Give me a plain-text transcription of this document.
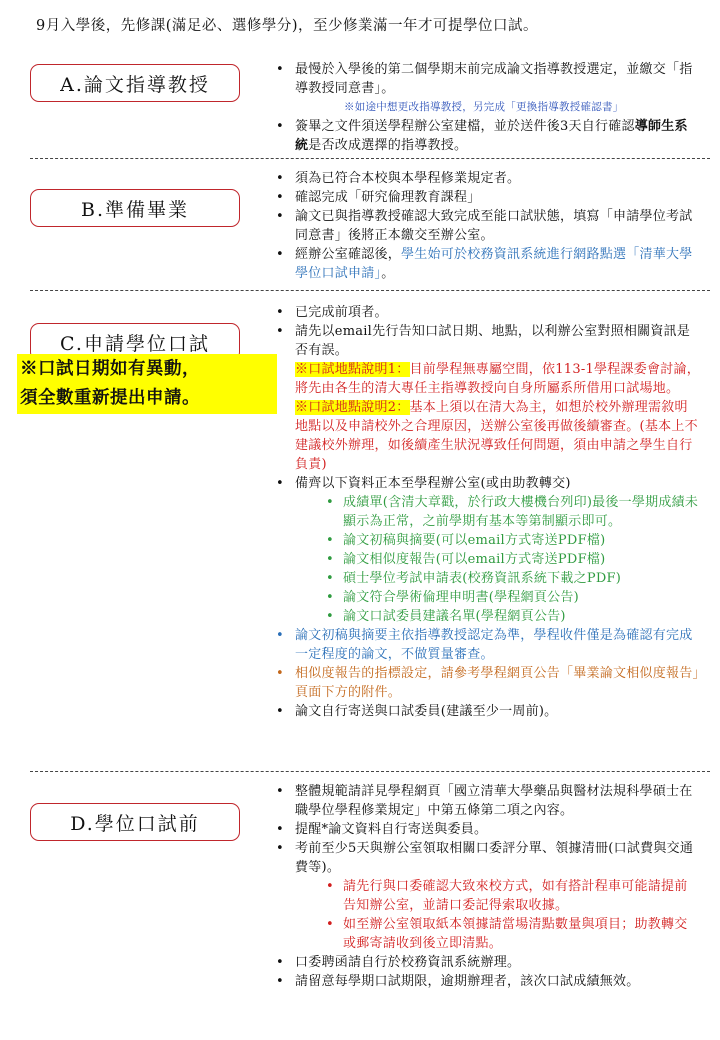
9月入學後，先修課(滿足必、選修學分)，至少修業滿一年才可提學位口試。
A.論文指導教授
• 最慢於入學後的第二個學期末前完成論文指導教授選定，並繳交「指導教授同意書」。
※如途中想更改指導教授，另完成「更換指導教授確認書」
• 簽畢之文件須送學程辦公室建檔，並於送件後3天自行確認導師生系統是否改成選擇的指導教授。
B.準備畢業
• 須為已符合本校與本學程修業規定者。
• 確認完成「研究倫理教育課程」
• 論文已與指導教授確認大致完成至能口試狀態，填寫「申請學位考試同意書」後將正本繳交至辦公室。
• 經辦公室確認後，學生始可於校務資訊系統進行網路點選「清華大學學位口試申請」。
C.申請學位口試
※口試日期如有異動，
須全數重新提出申請。
• 已完成前項者。
• 請先以email先行告知口試日期、地點，以利辦公室對照相關資訊是否有誤。
※口試地點說明1：目前學程無專屬空間，依113-1學程課委會討論，將先由各生的清大專任主指導教授向自身所屬系所借用口試場地。
※口試地點說明2：基本上須以在清大為主，如想於校外辦理需敘明地點以及申請校外之合理原因，送辦公室後再做後續審查。(基本上不建議校外辦理，如後續產生狀況導致任何問題，須由申請之學生自行負責)
• 備齊以下資料正本至學程辦公室(或由助教轉交)
• 成績單(含清大章戳，於行政大樓機台列印)最後一學期成績未顯示為正常，之前學期有基本等第制顯示即可。
• 論文初稿與摘要(可以email方式寄送PDF檔)
• 論文相似度報告(可以email方式寄送PDF檔)
• 碩士學位考試申請表(校務資訊系統下載之PDF)
• 論文符合學術倫理申明書(學程網頁公告)
• 論文口試委員建議名單(學程網頁公告)
• 論文初稿與摘要主依指導教授認定為準，學程收件僅是為確認有完成一定程度的論文，不做質量審查。
• 相似度報告的指標設定，請參考學程網頁公告「畢業論文相似度報告」頁面下方的附件。
• 論文自行寄送與口試委員(建議至少一周前)。
D.學位口試前
• 整體規範請詳見學程網頁「國立清華大學藥品與醫材法規科學碩士在職學位學程修業規定」中第五條第二項之內容。
• 提醒*論文資料自行寄送與委員。
• 考前至少5天與辦公室領取相關口委評分單、領據清冊(口試費與交通費等)。
• 請先行與口委確認大致來校方式，如有搭計程車可能請提前告知辦公室，並請口委記得索取收據。
• 如至辦公室領取紙本領據請當場清點數量與項目；助教轉交或郵寄請收到後立即清點。
• 口委聘函請自行於校務資訊系統辦理。
• 請留意每學期口試期限，逾期辦理者，該次口試成績無效。
